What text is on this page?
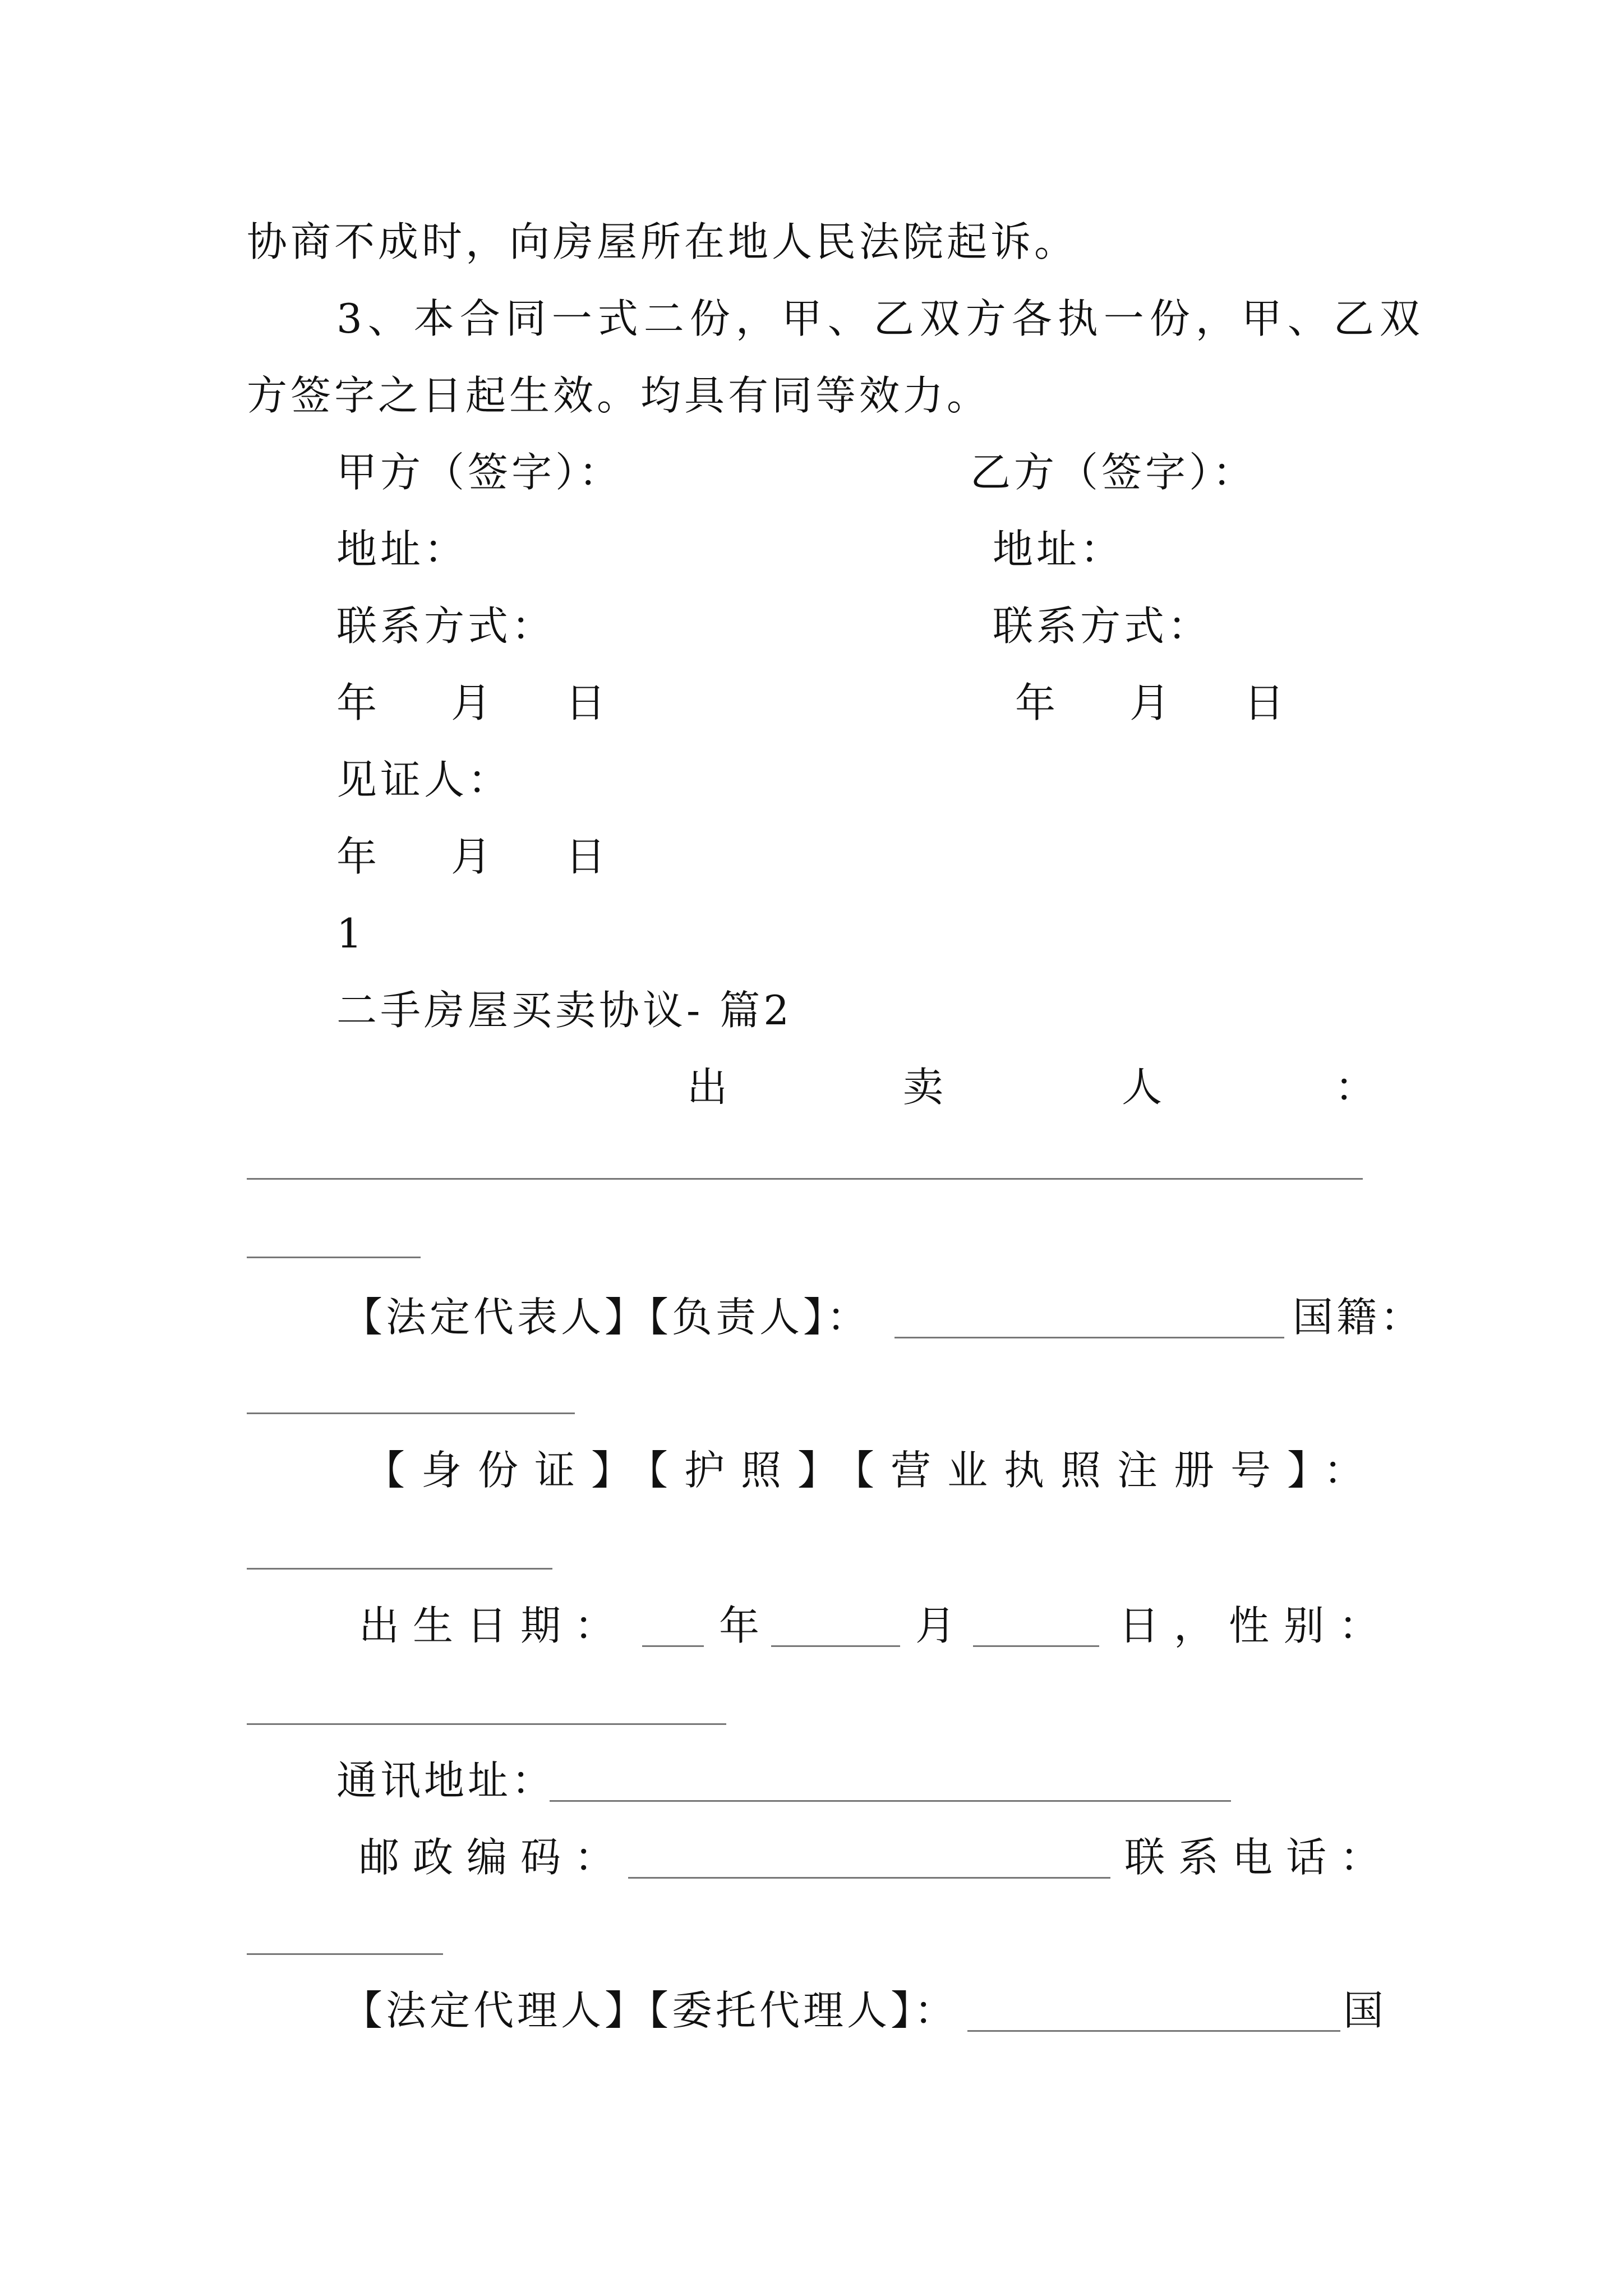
协商不成时，向房屋所在地人民法院起诉。
3、本合同一式二份，甲、乙双方各执一份，甲、乙双
方签字之日起生效。均具有同等效力。
甲方（签字）：	乙方（签字）：
地址：	地址：
联系方式：	联系方式：
年　月　日	年　月　日
见证人：
年　月　日
1
二手房屋买卖协议- 篇2
出	卖	人	：
【法定代表人】【负责人】：	国籍：
【身份证】【护照】【营业执照注册号】：
出生日期： 年	月	日，性别：
通讯地址：
邮政编码：	联系电话：
【法定代理人】【委托代理人】：	国
